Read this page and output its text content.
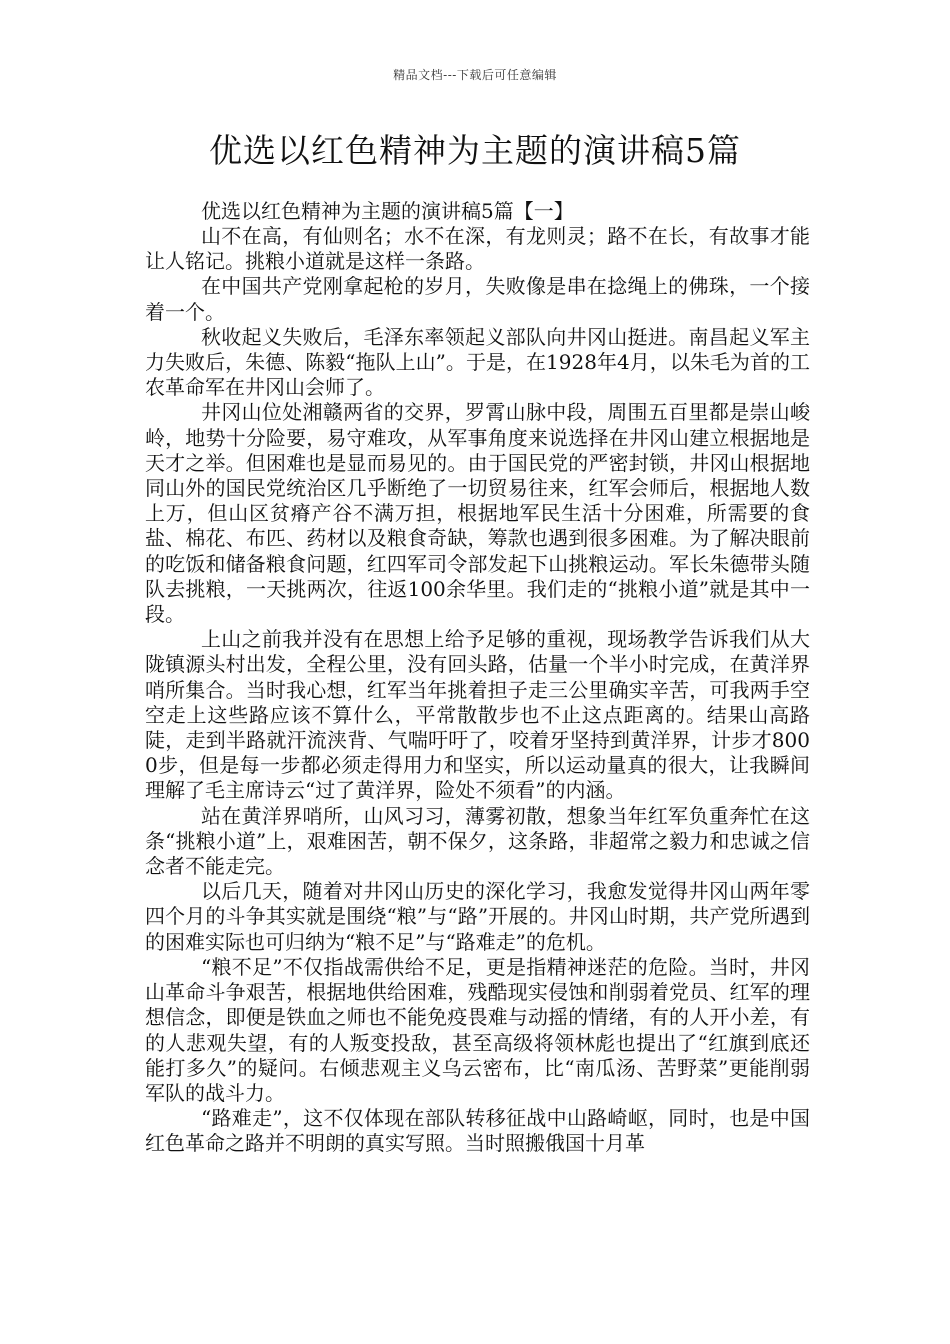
精品文档---下载后可任意编辑
优选以红色精神为主题的演讲稿5篇

优选以红色精神为主题的演讲稿5篇【一】

山不在高，有仙则名；水不在深，有龙则灵；路不在长，有故事才能让人铭记。挑粮小道就是这样一条路。

在中国共产党刚拿起枪的岁月，失败像是串在捻绳上的佛珠，一个接着一个。

秋收起义失败后，毛泽东率领起义部队向井冈山挺进。南昌起义军主力失败后，朱德、陈毅“拖队上山”。于是，在1928年4月，以朱毛为首的工农革命军在井冈山会师了。

井冈山位处湘赣两省的交界，罗霄山脉中段，周围五百里都是崇山峻岭，地势十分险要，易守难攻，从军事角度来说选择在井冈山建立根据地是天才之举。但困难也是显而易见的。由于国民党的严密封锁，井冈山根据地同山外的国民党统治区几乎断绝了一切贸易往来，红军会师后，根据地人数上万，但山区贫瘠产谷不满万担，根据地军民生活十分困难，所需要的食盐、棉花、布匹、药材以及粮食奇缺，筹款也遇到很多困难。为了解决眼前的吃饭和储备粮食问题，红四军司令部发起下山挑粮运动。军长朱德带头随队去挑粮，一天挑两次，往返100余华里。我们走的“挑粮小道”就是其中一段。

上山之前我并没有在思想上给予足够的重视，现场教学告诉我们从大陇镇源头村出发，全程公里，没有回头路，估量一个半小时完成，在黄洋界哨所集合。当时我心想，红军当年挑着担子走三公里确实辛苦，可我两手空空走上这些路应该不算什么，平常散散步也不止这点距离的。结果山高路陡，走到半路就汗流浃背、气喘吁吁了，咬着牙坚持到黄洋界，计步才8000步，但是每一步都必须走得用力和坚实，所以运动量真的很大，让我瞬间理解了毛主席诗云“过了黄洋界，险处不须看”的内涵。

站在黄洋界哨所，山风习习，薄雾初散，想象当年红军负重奔忙在这条“挑粮小道”上，艰难困苦，朝不保夕，这条路，非超常之毅力和忠诚之信念者不能走完。

以后几天，随着对井冈山历史的深化学习，我愈发觉得井冈山两年零四个月的斗争其实就是围绕“粮”与“路”开展的。井冈山时期，共产党所遇到的困难实际也可归纳为“粮不足”与“路难走”的危机。

“粮不足”不仅指战需供给不足，更是指精神迷茫的危险。当时，井冈山革命斗争艰苦，根据地供给困难，残酷现实侵蚀和削弱着党员、红军的理想信念，即便是铁血之师也不能免疫畏难与动摇的情绪，有的人开小差，有的人悲观失望，有的人叛变投敌，甚至高级将领林彪也提出了“红旗到底还能打多久”的疑问。右倾悲观主义乌云密布，比“南瓜汤、苦野菜”更能削弱军队的战斗力。

“路难走”，这不仅体现在部队转移征战中山路崎岖，同时，也是中国红色革命之路并不明朗的真实写照。当时照搬俄国十月革
